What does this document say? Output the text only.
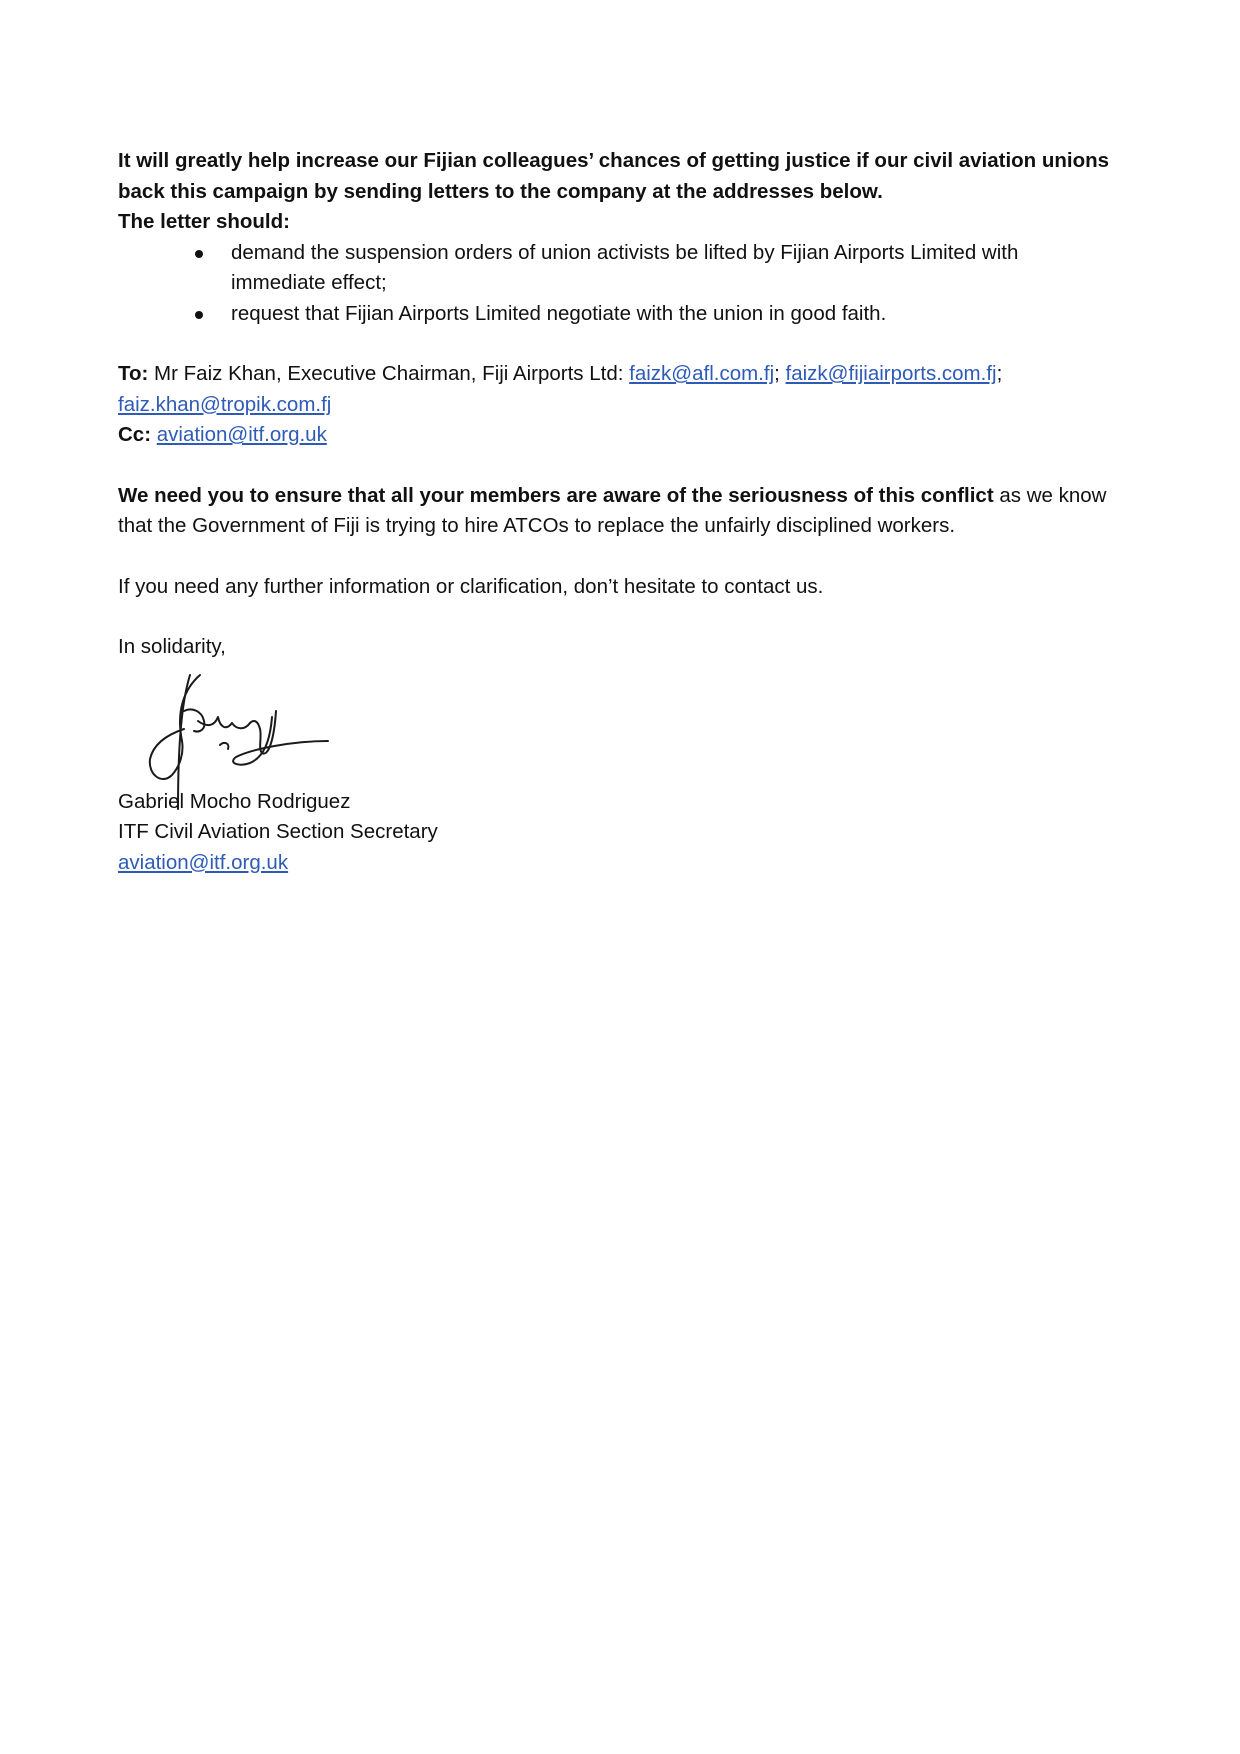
It will greatly help increase our Fijian colleagues’ chances of getting justice if our civil aviation unions back this campaign by sending letters to the company at the addresses below.

The letter should:

demand the suspension orders of union activists be lifted by Fijian Airports Limited with immediate effect;
request that Fijian Airports Limited negotiate with the union in good faith.

To: Mr Faiz Khan, Executive Chairman, Fiji Airports Ltd: faizk@afl.com.fj; faizk@fijiairports.com.fj;
faiz.khan@tropik.com.fj

Cc: aviation@itf.org.uk

We need you to ensure that all your members are aware of the seriousness of this conflict as we know that the Government of Fiji is trying to hire ATCOs to replace the unfairly disciplined workers.

If you need any further information or clarification, don’t hesitate to contact us.

In solidarity,

Gabriel Mocho Rodriguez

ITF Civil Aviation Section Secretary

aviation@itf.org.uk
